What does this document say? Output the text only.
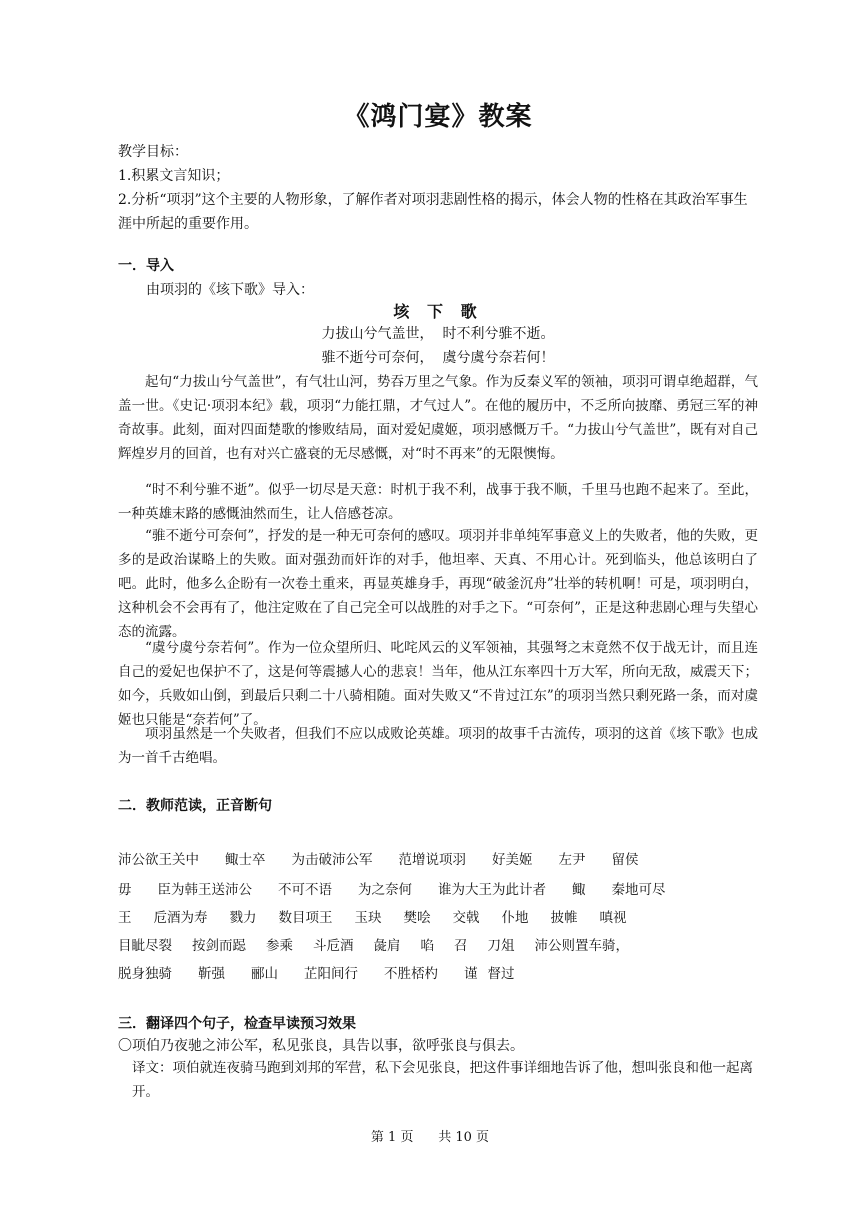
《鸿门宴》教案
教学目标：
1.积累文言知识；
2.分析“项羽”这个主要的人物形象，了解作者对项羽悲剧性格的揭示，体会人物的性格在其政治军事生涯中所起的重要作用。
一．导入
由项羽的《垓下歌》导入：
垓 下 歌
力拔山兮气盖世，  时不利兮骓不逝。
骓不逝兮可奈何，  虞兮虞兮奈若何！
起句“力拔山兮气盖世”，有气壮山河，势吞万里之气象。作为反秦义军的领袖，项羽可谓卓绝超群，气盖一世。《史记·项羽本纪》载，项羽“力能扛鼎，才气过人”。在他的履历中，不乏所向披靡、勇冠三军的神奇故事。此刻，面对四面楚歌的惨败结局，面对爱妃虞姬，项羽感慨万千。“力拔山兮气盖世”，既有对自己辉煌岁月的回首，也有对兴亡盛衰的无尽感慨，对“时不再来”的无限懊悔。
“时不利兮骓不逝”。似乎一切尽是天意：时机于我不利，战事于我不顺，千里马也跑不起来了。至此，一种英雄末路的感慨油然而生，让人倍感苍凉。
“骓不逝兮可奈何”，抒发的是一种无可奈何的感叹。项羽并非单纯军事意义上的失败者，他的失败，更多的是政治谋略上的失败。面对强劲而奸诈的对手，他坦率、天真、不用心计。死到临头，他总该明白了吧。此时，他多么企盼有一次卷土重来，再显英雄身手，再现“破釜沉舟”壮举的转机啊！可是，项羽明白，这种机会不会再有了，他注定败在了自己完全可以战胜的对手之下。“可奈何”，正是这种悲剧心理与失望心态的流露。
“虞兮虞兮奈若何”。作为一位众望所归、叱咤风云的义军领袖，其强弩之末竟然不仅于战无计，而且连自己的爱妃也保护不了，这是何等震撼人心的悲哀！当年，他从江东率四十万大军，所向无敌，威震天下；如今，兵败如山倒，到最后只剩二十八骑相随。面对失败又“不肯过江东”的项羽当然只剩死路一条，而对虞姬也只能是“奈若何”了。
项羽虽然是一个失败者，但我们不应以成败论英雄。项羽的故事千古流传，项羽的这首《垓下歌》也成为一首千古绝唱。
二．教师范读，正音断句
沛公欲王关中 鲰士卒 为击破沛公军 范增说项羽 好美姬 左尹 留侯
毋 臣为韩王送沛公 不可不语 为之奈何 谁为大王为此计者 鲰 秦地可尽
王 卮酒为寿 戮力 数目项王 玉玦 樊哙 交戟 仆地 披帷 嗔视
目眦尽裂 按剑而跽 参乘 斗卮酒 彘肩 啗 召 刀俎 沛公则置车骑，
脱身独骑 靳强 郦山 芷阳间行 不胜桮杓 谨 督过
三．翻译四个句子，检查早读预习效果
〇项伯乃夜驰之沛公军，私见张良，具告以事，欲呼张良与俱去。
译文：项伯就连夜骑马跑到刘邦的军营，私下会见张良，把这件事详细地告诉了他，想叫张良和他一起离开。
第 1 页      共 10 页
